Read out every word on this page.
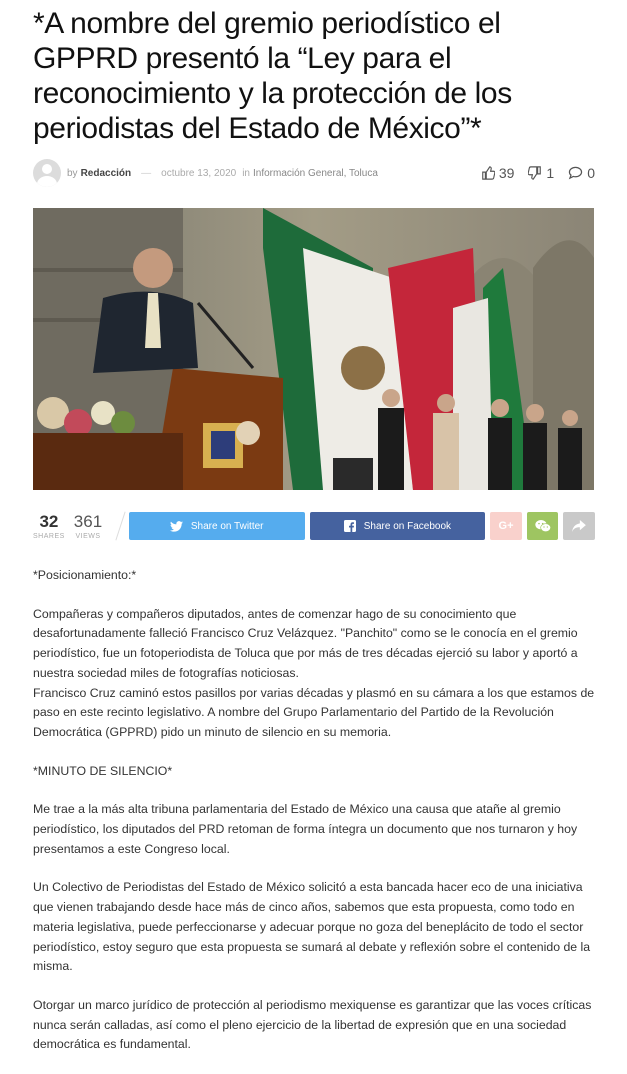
*A nombre del gremio periodístico el GPPRD presentó la “Ley para el reconocimiento y la protección de los periodistas del Estado de México”*
by Redacción — octubre 13, 2020 in Información General, Toluca	39 1 0
32
SHARES
361
VIEWS
Share on Twitter	Share on Facebook	G+

*Posicionamiento:*

Compañeras y compañeros diputados, antes de comenzar hago de su conocimiento que desafortunadamente falleció Francisco Cruz Velázquez. "Panchito" como se le conocía en el gremio periodístico, fue un fotoperiodista de Toluca que por más de tres décadas ejerció su labor y aportó a nuestra sociedad miles de fotografías noticiosas.
Francisco Cruz caminó estos pasillos por varias décadas y plasmó en su cámara a los que estamos de paso en este recinto legislativo. A nombre del Grupo Parlamentario del Partido de la Revolución Democrática (GPPRD) pido un minuto de silencio en su memoria.

*MINUTO DE SILENCIO*

Me trae a la más alta tribuna parlamentaria del Estado de México una causa que atañe al gremio periodístico, los diputados del PRD retoman de forma íntegra un documento que nos turnaron y hoy presentamos a este Congreso local.

Un Colectivo de Periodistas del Estado de México solicitó a esta bancada hacer eco de una iniciativa que vienen trabajando desde hace más de cinco años, sabemos que esta propuesta, como todo en materia legislativa, puede perfeccionarse y adecuar porque no goza del beneplácito de todo el sector periodístico, estoy seguro que esta propuesta se sumará al debate y reflexión sobre el contenido de la misma.

Otorgar un marco jurídico de protección al periodismo mexiquense es garantizar que las voces críticas nunca serán calladas, así como el pleno ejercicio de la libertad de expresión que en una sociedad democrática es fundamental.
